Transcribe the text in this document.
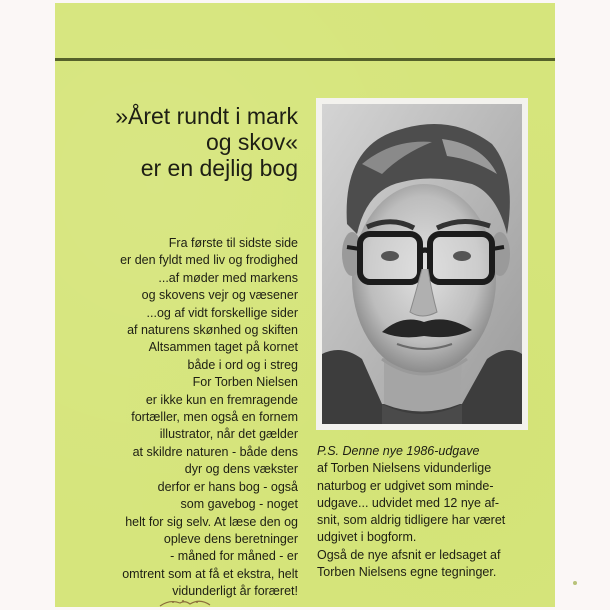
»Året rundt i mark
og skov«
er en dejlig bog
Fra første til sidste side
er den fyldt med liv og frodighed
...af møder med markens
og skovens vejr og væsener
...og af vidt forskellige sider
af naturens skønhed og skiften
Altsammen taget på kornet
både i ord og i streg
For Torben Nielsen
er ikke kun en fremragende
fortæller, men også en fornem
illustrator, når det gælder
at skildre naturen - både dens
dyr og dens vækster
derfor er hans bog - også
som gavebog - noget
helt for sig selv. At læse den og
opleve dens beretninger
- måned for måned - er
omtrent som at få et ekstra, helt
vidunderligt år foræret!
P.S. Denne nye 1986-udgave
af Torben Nielsens vidunderlige
naturbog er udgivet som minde-
udgave... udvidet med 12 nye af-
snit, som aldrig tidligere har været
udgivet i bogform.
Også de nye afsnit er ledsaget af
Torben Nielsens egne tegninger.
